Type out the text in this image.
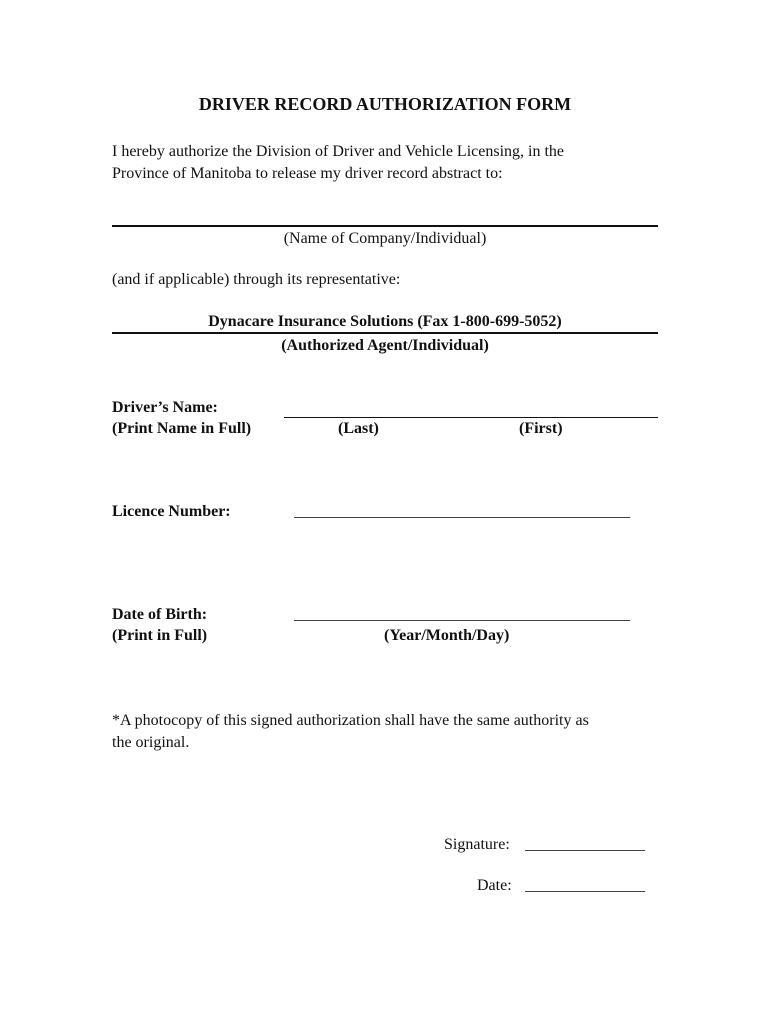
DRIVER RECORD AUTHORIZATION FORM
I hereby authorize the Division of Driver and Vehicle Licensing, in the
Province of Manitoba to release my driver record abstract to:
(Name of Company/Individual)
(and if applicable) through its representative:
Dynacare Insurance Solutions (Fax 1-800-699-5052)
(Authorized Agent/Individual)
Driver’s Name:
(Print Name in Full)	(Last)	(First)
Licence Number:	__________________________________________
Date of Birth:
(Print in Full)
__________________________________________
(Year/Month/Day)
*A photocopy of this signed authorization shall have the same authority as
the original.
Signature: _______________
Date: _______________
